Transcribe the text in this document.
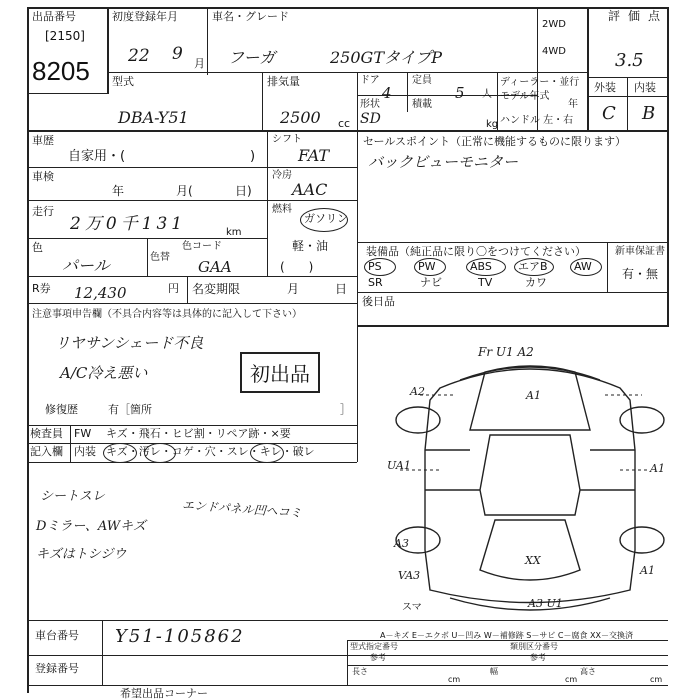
出品番号
[2150]
8205
初度登録年月
22 9 月
車名・グレード
フーガ	250GTタイプP
2WD
4WD
評価点
3.5
外装 内装
C B
型式
DBA-Y51
排気量
2500 cc
ドア
4
定員
5 人
形状
SD
積載
kg
ディーラー・並行
モデル年式
年
ハンドル 左・右
車歴
自家用・(	)
車検
年	月(	日)
走行
2万0千131	km
色
パール	色替
色コード
GAA
R券 12,430	円 名変期限	月	日
シフト
FAT
冷房
AAC
燃料
ガソリン
軽・油
(　　)
セールスポイント（正常に機能するものに限ります）
バックビューモニター
装備品（純正品に限り〇をつけてください）	新車保証書
有・無
PS	PW	ABS エアB AW
SR	ナビ	TV	カワ
後日品
注意事項申告欄（不具合内容等は具体的に記入して下さい）
リヤサンシェード不良
A/C冷え悪い	初出品
修復歴	有［箇所	］
検査員
記入欄
FW キズ・飛石・ヒビ割・リペア跡・×要
内装 キズ・汚レ・コゲ・穴・スレ・キレ・破レ
シートスレ
Dミラー、AWキズ
キズはトシジウ
エンドパネル凹ヘコミ
Fr U1 A2
A2	A1
UA1	A1
A3
VA3	A1
XX
A3 U1
スマ
A－キズ E－エクボ U－凹み W－補修跡 S－サビ C－腐食 XX－交換済
車台番号 Y51-105862
登録番号
型式指定番号
参考
類別区分番号
参考
長さ
cm
幅
cm
高さ
cm
希望出品コーナー
